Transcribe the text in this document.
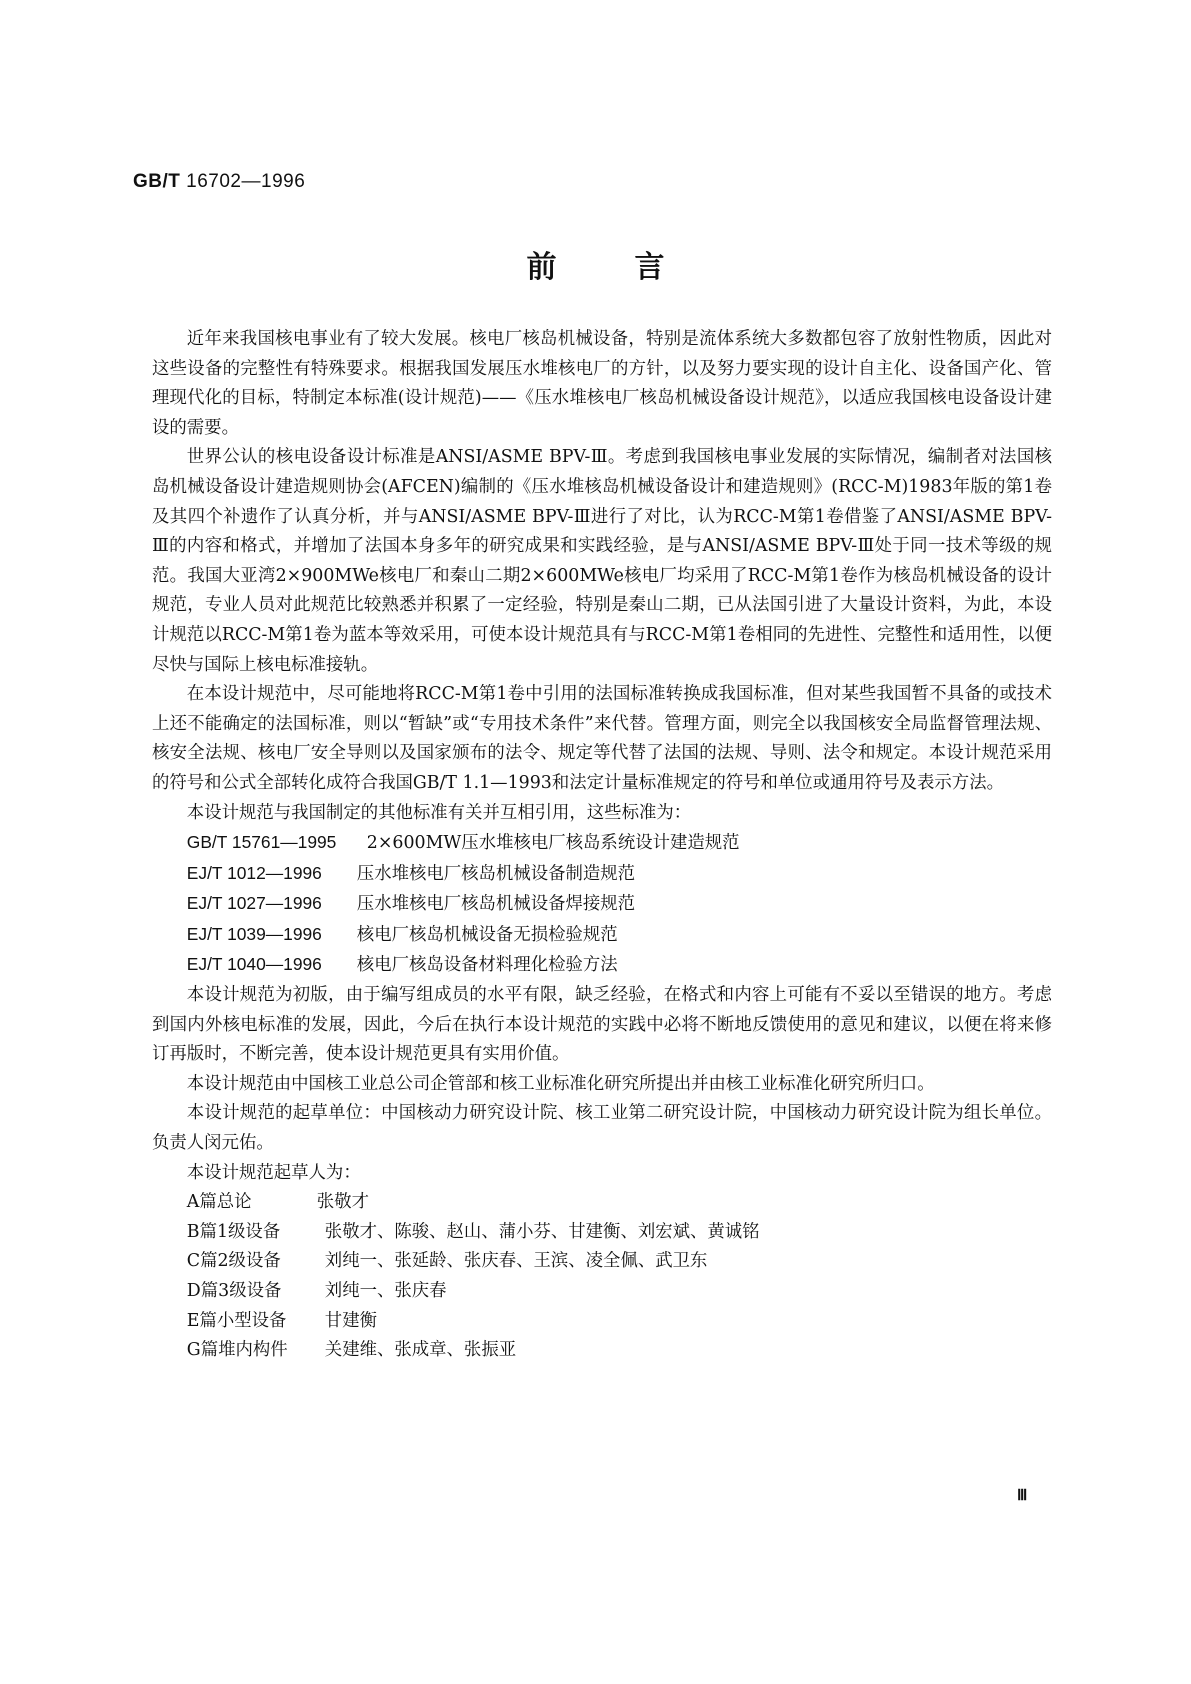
GB/T 16702—1996
前言

近年来我国核电事业有了较大发展。核电厂核岛机械设备，特别是流体系统大多数都包容了放射性物质，因此对这些设备的完整性有特殊要求。根据我国发展压水堆核电厂的方针，以及努力要实现的设计自主化、设备国产化、管理现代化的目标，特制定本标准(设计规范)——《压水堆核电厂核岛机械设备设计规范》，以适应我国核电设备设计建设的需要。

世界公认的核电设备设计标准是ANSI/ASME BPV-Ⅲ。考虑到我国核电事业发展的实际情况，编制者对法国核岛机械设备设计建造规则协会(AFCEN)编制的《压水堆核岛机械设备设计和建造规则》(RCC-M)1983年版的第1卷及其四个补遗作了认真分析，并与ANSI/ASME BPV-Ⅲ进行了对比，认为RCC-M第1卷借鉴了ANSI/ASME BPV-Ⅲ的内容和格式，并增加了法国本身多年的研究成果和实践经验，是与ANSI/ASME BPV-Ⅲ处于同一技术等级的规范。我国大亚湾2×900MWe核电厂和秦山二期2×600MWe核电厂均采用了RCC-M第1卷作为核岛机械设备的设计规范，专业人员对此规范比较熟悉并积累了一定经验，特别是秦山二期，已从法国引进了大量设计资料，为此，本设计规范以RCC-M第1卷为蓝本等效采用，可使本设计规范具有与RCC-M第1卷相同的先进性、完整性和适用性，以便尽快与国际上核电标准接轨。

在本设计规范中，尽可能地将RCC-M第1卷中引用的法国标准转换成我国标准，但对某些我国暂不具备的或技术上还不能确定的法国标准，则以“暂缺”或“专用技术条件”来代替。管理方面，则完全以我国核安全局监督管理法规、核安全法规、核电厂安全导则以及国家颁布的法令、规定等代替了法国的法规、导则、法令和规定。本设计规范采用的符号和公式全部转化成符合我国GB/T 1.1—1993和法定计量标准规定的符号和单位或通用符号及表示方法。

本设计规范与我国制定的其他标准有关并互相引用，这些标准为：

GB/T 15761—1995 2×600MW压水堆核电厂核岛系统设计建造规范
EJ/T 1012—1996 压水堆核电厂核岛机械设备制造规范
EJ/T 1027—1996 压水堆核电厂核岛机械设备焊接规范
EJ/T 1039—1996 核电厂核岛机械设备无损检验规范
EJ/T 1040—1996 核电厂核岛设备材料理化检验方法

本设计规范为初版，由于编写组成员的水平有限，缺乏经验，在格式和内容上可能有不妥以至错误的地方。考虑到国内外核电标准的发展，因此，今后在执行本设计规范的实践中必将不断地反馈使用的意见和建议，以便在将来修订再版时，不断完善，使本设计规范更具有实用价值。

本设计规范由中国核工业总公司企管部和核工业标准化研究所提出并由核工业标准化研究所归口。

本设计规范的起草单位：中国核动力研究设计院、核工业第二研究设计院，中国核动力研究设计院为组长单位。负责人闵元佑。

本设计规范起草人为：

A篇总论	张敬才
B篇1级设备	张敬才、陈骏、赵山、蒲小芬、甘建衡、刘宏斌、黄诚铭
C篇2级设备	刘纯一、张延龄、张庆春、王滨、凌全佩、武卫东
D篇3级设备 刘纯一、张庆春
E篇小型设备 甘建衡
G篇堆内构件 关建维、张成章、张振亚
Ⅲ
